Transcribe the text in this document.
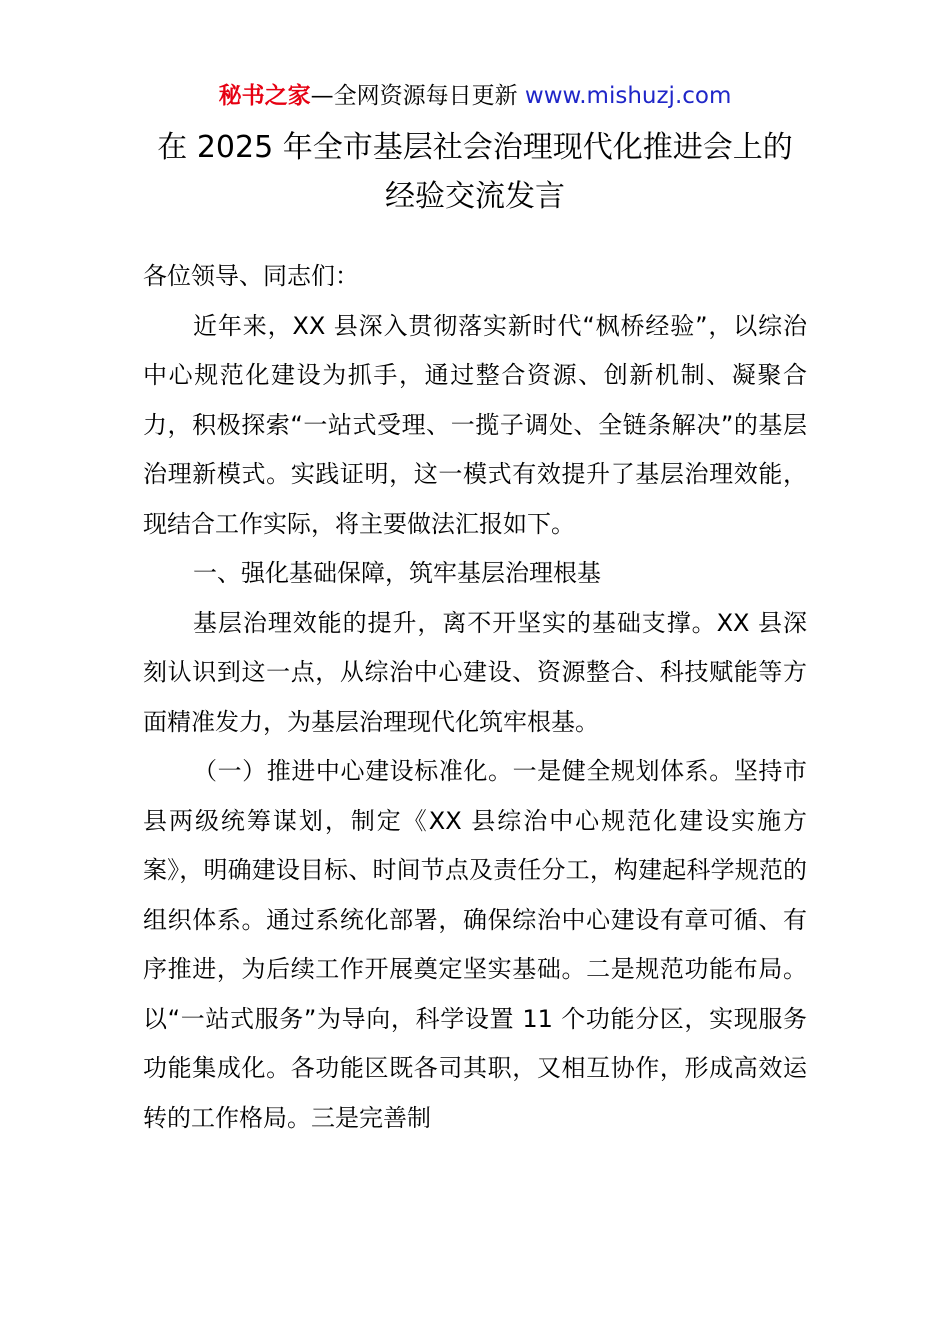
秘书之家—全网资源每日更新 www.mishuzj.com
在 2025 年全市基层社会治理现代化推进会上的
经验交流发言

各位领导、同志们：

近年来，XX 县深入贯彻落实新时代“枫桥经验”，以综治中心规范化建设为抓手，通过整合资源、创新机制、凝聚合力，积极探索“一站式受理、一揽子调处、全链条解决”的基层治理新模式。实践证明，这一模式有效提升了基层治理效能，现结合工作实际，将主要做法汇报如下。

一、强化基础保障，筑牢基层治理根基

基层治理效能的提升，离不开坚实的基础支撑。XX 县深刻认识到这一点，从综治中心建设、资源整合、科技赋能等方面精准发力，为基层治理现代化筑牢根基。

（一）推进中心建设标准化。一是健全规划体系。坚持市县两级统筹谋划，制定《XX 县综治中心规范化建设实施方案》，明确建设目标、时间节点及责任分工，构建起科学规范的组织体系。通过系统化部署，确保综治中心建设有章可循、有序推进，为后续工作开展奠定坚实基础。二是规范功能布局。以“一站式服务”为导向，科学设置 11 个功能分区，实现服务功能集成化。各功能区既各司其职，又相互协作，形成高效运转的工作格局。三是完善制
